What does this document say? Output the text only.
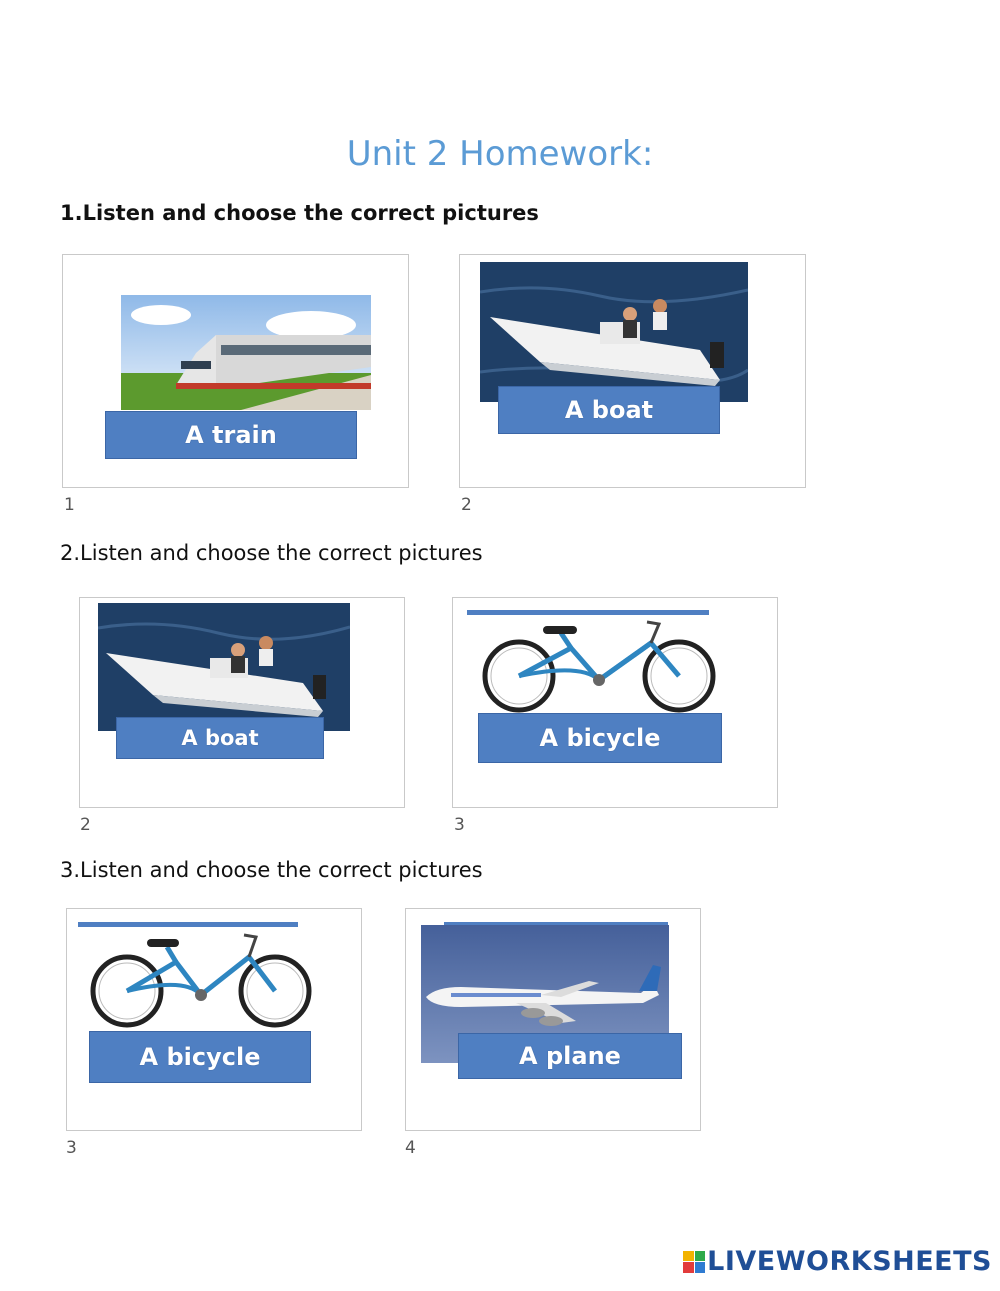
Unit 2 Homework:
1.Listen and choose the correct pictures
A train
1
A boat
2
2.Listen and choose the correct pictures
A boat
2
A bicycle
3
3.Listen and choose the correct pictures
A bicycle
3
A plane
4
LIVEWORKSHEETS
